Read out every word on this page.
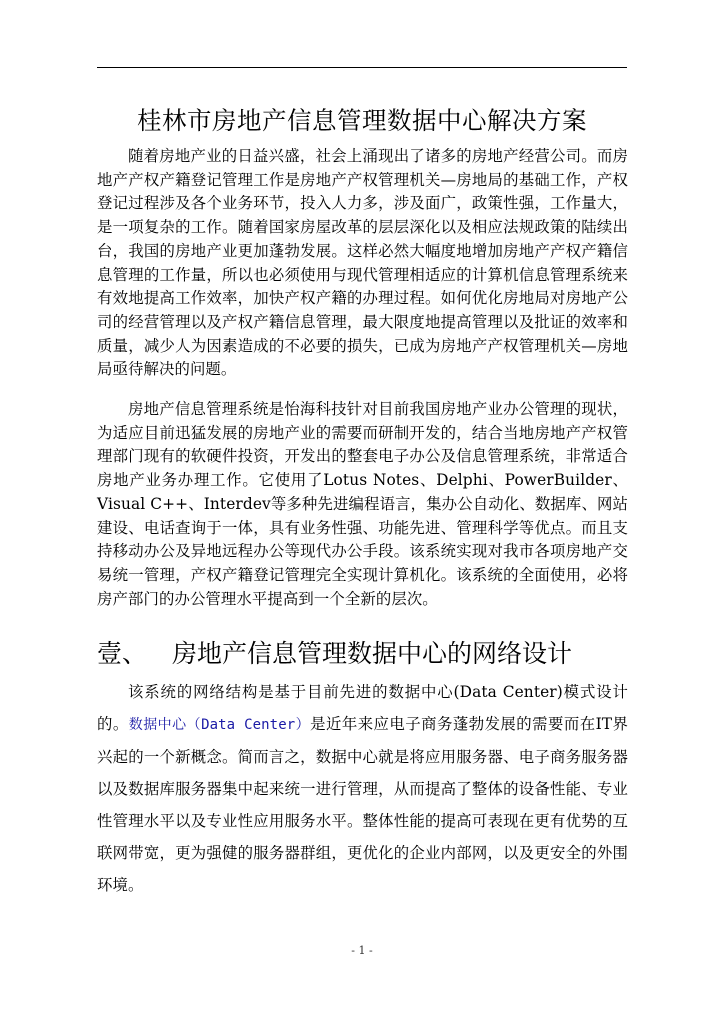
桂林市房地产信息管理数据中心解决方案

随着房地产业的日益兴盛，社会上涌现出了诸多的房地产经营公司。而房地产产权产籍登记管理工作是房地产产权管理机关—房地局的基础工作，产权登记过程涉及各个业务环节，投入人力多，涉及面广，政策性强，工作量大，是一项复杂的工作。随着国家房屋改革的层层深化以及相应法规政策的陆续出台，我国的房地产业更加蓬勃发展。这样必然大幅度地增加房地产产权产籍信息管理的工作量，所以也必须使用与现代管理相适应的计算机信息管理系统来有效地提高工作效率，加快产权产籍的办理过程。如何优化房地局对房地产公司的经营管理以及产权产籍信息管理，最大限度地提高管理以及批证的效率和质量，减少人为因素造成的不必要的损失，已成为房地产产权管理机关—房地局亟待解决的问题。

房地产信息管理系统是怡海科技针对目前我国房地产业办公管理的现状，为适应目前迅猛发展的房地产业的需要而研制开发的，结合当地房地产产权管理部门现有的软硬件投资，开发出的整套电子办公及信息管理系统，非常适合房地产业务办理工作。它使用了Lotus Notes、Delphi、PowerBuilder、Visual C++、Interdev等多种先进编程语言，集办公自动化、数据库、网站建设、电话查询于一体，具有业务性强、功能先进、管理科学等优点。而且支持移动办公及异地远程办公等现代办公手段。该系统实现对我市各项房地产交易统一管理，产权产籍登记管理完全实现计算机化。该系统的全面使用，必将房产部门的办公管理水平提高到一个全新的层次。

壹、 房地产信息管理数据中心的网络设计

该系统的网络结构是基于目前先进的数据中心(Data Center)模式设计的。数据中心（Data Center）是近年来应电子商务蓬勃发展的需要而在IT界兴起的一个新概念。简而言之，数据中心就是将应用服务器、电子商务服务器以及数据库服务器集中起来统一进行管理，从而提高了整体的设备性能、专业性管理水平以及专业性应用服务水平。整体性能的提高可表现在更有优势的互联网带宽，更为强健的服务器群组，更优化的企业内部网，以及更安全的外围环境。

- 1 -
